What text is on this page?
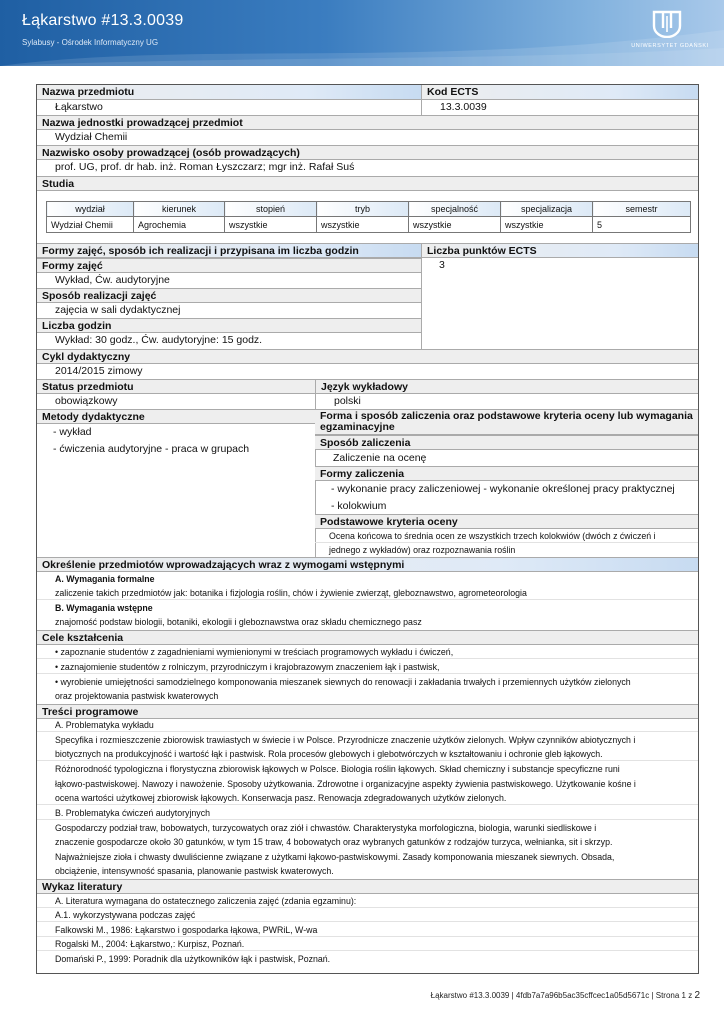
Łąkarstwo #13.3.0039
Sylabusy - Ośrodek Informatyczny UG	UNIWERSYTET GDAŃSKI
Nazwa przedmiotu	Kod ECTS
Łąkarstwo	13.3.0039
Nazwa jednostki prowadzącej przedmiot
Wydział Chemii
Nazwisko osoby prowadzącej (osób prowadzących)
prof. UG, prof. dr hab. inż. Roman Łyszczarz; mgr inż. Rafał Suś
Studia
wydział	kierunek	stopień	tryb	specjalność	specjalizacja	semestr
Wydział Chemii	Agrochemia	wszystkie	wszystkie	wszystkie	wszystkie	5
Formy zajęć, sposób ich realizacji i przypisana im liczba godzin	Liczba punktów ECTS
3
Formy zajęć
Wykład, Ćw. audytoryjne
Sposób realizacji zajęć
zajęcia w sali dydaktycznej
Liczba godzin
Wykład: 30 godz., Ćw. audytoryjne: 15 godz.
Cykl dydaktyczny
2014/2015 zimowy
Status przedmiotu	Język wykładowy
obowiązkowy	polski
Metody dydaktyczne
- wykład
- ćwiczenia audytoryjne - praca w grupach
Forma i sposób zaliczenia oraz podstawowe kryteria oceny lub wymagania egzaminacyjne
Sposób zaliczenia
Zaliczenie na ocenę
Formy zaliczenia
- wykonanie pracy zaliczeniowej - wykonanie określonej pracy praktycznej
- kolokwium
Podstawowe kryteria oceny
Ocena końcowa to średnia ocen ze wszystkich trzech kolokwiów (dwóch z ćwiczeń i
jednego z wykładów) oraz rozpoznawania roślin
Określenie przedmiotów wprowadzających wraz z wymogami wstępnymi
A. Wymagania formalne
zaliczenie takich przedmiotów jak: botanika i fizjologia roślin, chów i żywienie zwierząt, gleboznawstwo, agrometeorologia
B. Wymagania wstępne
znajomość podstaw biologii, botaniki, ekologii i gleboznawstwa oraz składu chemicznego pasz
Cele kształcenia
• zapoznanie studentów z zagadnieniami wymienionymi w treściach programowych wykładu i ćwiczeń,
• zaznajomienie studentów z rolniczym, przyrodniczym i krajobrazowym znaczeniem łąk i pastwisk,
• wyrobienie umiejętności samodzielnego komponowania mieszanek siewnych do renowacji i zakładania trwałych i przemiennych użytków zielonych
oraz projektowania pastwisk kwaterowych
Treści programowe
A. Problematyka wykładu
Specyfika i rozmieszczenie zbiorowisk trawiastych w świecie i w Polsce. Przyrodnicze znaczenie użytków zielonych. Wpływ czynników abiotycznych i
biotycznych na produkcyjność i wartość łąk i pastwisk. Rola procesów glebowych i glebotwórczych w kształtowaniu i ochronie gleb łąkowych.
Różnorodność typologiczna i florystyczna zbiorowisk łąkowych w Polsce. Biologia roślin łąkowych. Skład chemiczny i substancje specyficzne runi
łąkowo-pastwiskowej. Nawozy i nawożenie. Sposoby użytkowania. Zdrowotne i organizacyjne aspekty żywienia pastwiskowego. Użytkowanie kośne i
ocena wartości użytkowej zbiorowisk łąkowych. Konserwacja pasz. Renowacja zdegradowanych użytków zielonych.
B. Problematyka ćwiczeń audytoryjnych
Gospodarczy podział traw, bobowatych, turzycowatych oraz ziół i chwastów. Charakterystyka morfologiczna, biologia, warunki siedliskowe i
znaczenie gospodarcze około 30 gatunków, w tym 15 traw, 4 bobowatych oraz wybranych gatunków z rodzajów turzyca, wełnianka, sit i skrzyp.
Najważniejsze zioła i chwasty dwuliścienne związane z użytkami łąkowo-pastwiskowymi. Zasady komponowania mieszanek siewnych. Obsada,
obciążenie, intensywność spasania, planowanie pastwisk kwaterowych.
Wykaz literatury
A. Literatura wymagana do ostatecznego zaliczenia zajęć (zdania egzaminu):
A.1. wykorzystywana podczas zajęć
Falkowski M., 1986: Łąkarstwo i gospodarka łąkowa, PWRiL, W-wa
Rogalski M., 2004: Łąkarstwo,: Kurpisz, Poznań.
Domański P., 1999: Poradnik dla użytkowników łąk i pastwisk, Poznań.
Łąkarstwo #13.3.0039 | 4fdb7a7a96b5ac35cffcec1a05d5671c | Strona 1 z 2
